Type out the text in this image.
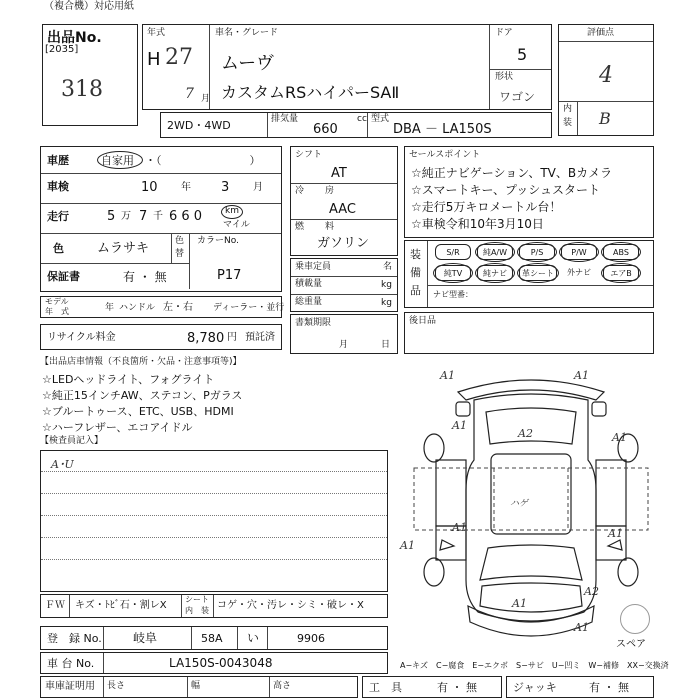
（複合機）対応用紙
出品No.
[2035]
318
年式
H 27
7 月
車名・グレード
ムーヴ
カスタムRSハイパーSAⅡ
ドア
5
形状
ワゴン
評価点
4
内
装 B
2WD・4WD	排気量	cc
660
型式
DBA － LA150S
車歴	自家用 ・（　　　　　　　　）
車検	10 年 3 月
走行	5 万 7 千 6 6 0	km
マイル
色	ムラサキ	色
替
カラーNo.
P17
保証書	有 ・ 無
モデル
年　式	年 ハンドル 左・右 ディーラー・並行
リサイクル料金	8,780 円 預託済
シフト
AT
冷 房
AAC
燃 料
ガソリン
乗車定員	名
積載量	kg
総重量	kg
書類期限
月	日
セールスポイント
☆純正ナビゲーション、TV、Bカメラ
☆スマートキー、プッシュスタート
☆走行5万キロメートル台！
☆車検令和10年3月10日
装
備
品
S/R	純A/W	P/S	P/W	ABS
純TV	純ナビ 革シート 外ナビ エアB
ナビ型番：
後日品
【出品店車情報（不良箇所・欠品・注意事項等)】
☆LEDヘッドライト、フォグライト
☆純正15インチAW、ステコン、Pガラス
☆ブルートゥース、ETC、USB、HDMI
☆ハーフレザー、エコアイドル
【検査員記入】
A･U
A1	A1
A1
A2	A1
ハゲ
A1
A1
A1
A2
A1
A1
スペア
ＦＷ キズ・ﾄﾋﾞ石・割レX
シート
内　装 コゲ・穴・汚レ・シミ・破レ・X
登　録 No.	岐阜	58A い	9906
車 台 No.	LA150S-0043048	A−キズ　C−腐食　E−エクボ　S−サビ　U−凹ミ　W−補修　XX−交換済
車庫証明用 長さ	幅	高さ	工　具	有 ・ 無	ジャッキ	有 ・ 無
